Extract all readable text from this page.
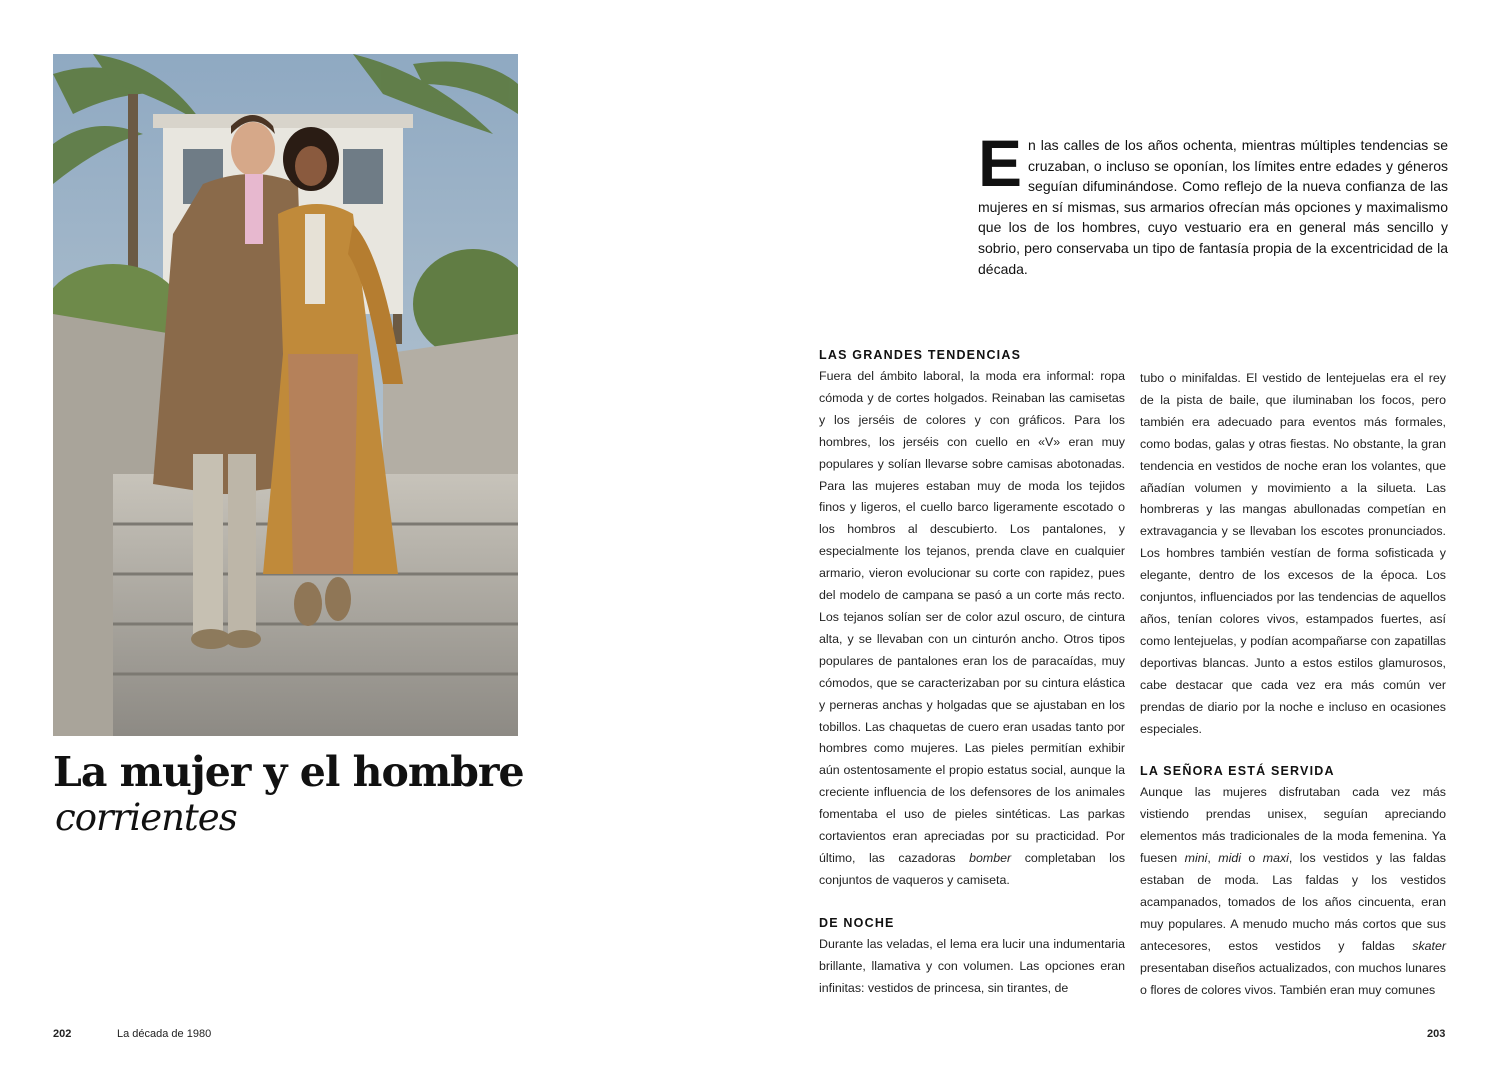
La mujer y el hombre
corrientes
202	La década de 1980
E n las calles de los años ochenta, mientras múltiples tendencias se cruzaban, o incluso se oponían, los límites entre edades y géneros seguían difuminándose. Como reflejo de la nueva confianza de las mujeres en sí mismas, sus armarios ofrecían más opciones y maximalismo que los de los hombres, cuyo vestuario era en general más sencillo y sobrio, pero conservaba un tipo de fantasía propia de la excentricidad de la década.

LAS GRANDES TENDENCIAS

Fuera del ámbito laboral, la moda era informal: ropa cómoda y de cortes holgados. Reinaban las camisetas y los jerséis de colores y con gráficos. Para los hombres, los jerséis con cuello en «V» eran muy populares y solían llevarse sobre camisas abotonadas. Para las mujeres estaban muy de moda los tejidos finos y ligeros, el cuello barco ligeramente escotado o los hombros al descubierto. Los pantalones, y especialmente los tejanos, prenda clave en cualquier armario, vieron evolucionar su corte con rapidez, pues del modelo de campana se pasó a un corte más recto. Los tejanos solían ser de color azul oscuro, de cintura alta, y se llevaban con un cinturón ancho. Otros tipos populares de pantalones eran los de paracaídas, muy cómodos, que se caracterizaban por su cintura elástica y perneras anchas y holgadas que se ajustaban en los tobillos. Las chaquetas de cuero eran usadas tanto por hombres como mujeres. Las pieles permitían exhibir aún ostentosamente el propio estatus social, aunque la creciente influencia de los defensores de los animales fomentaba el uso de pieles sintéticas. Las parkas cortavientos eran apreciadas por su practicidad. Por último, las cazadoras bomber completaban los conjuntos de vaqueros y camiseta.

DE NOCHE

Durante las veladas, el lema era lucir una indumentaria brillante, llamativa y con volumen. Las opciones eran infinitas: vestidos de princesa, sin tirantes, de

tubo o minifaldas. El vestido de lentejuelas era el rey de la pista de baile, que iluminaban los focos, pero también era adecuado para eventos más formales, como bodas, galas y otras fiestas. No obstante, la gran tendencia en vestidos de noche eran los volantes, que añadían volumen y movimiento a la silueta. Las hombreras y las mangas abullonadas competían en extravagancia y se llevaban los escotes pronunciados. Los hombres también vestían de forma sofisticada y elegante, dentro de los excesos de la época. Los conjuntos, influenciados por las tendencias de aquellos años, tenían colores vivos, estampados fuertes, así como lentejuelas, y podían acompañarse con zapatillas deportivas blancas. Junto a estos estilos glamurosos, cabe destacar que cada vez era más común ver prendas de diario por la noche e incluso en ocasiones especiales.

LA SEÑORA ESTÁ SERVIDA

Aunque las mujeres disfrutaban cada vez más vistiendo prendas unisex, seguían apreciando elementos más tradicionales de la moda femenina. Ya fuesen mini, midi o maxi, los vestidos y las faldas estaban de moda. Las faldas y los vestidos acampanados, tomados de los años cincuenta, eran muy populares. A menudo mucho más cortos que sus antecesores, estos vestidos y faldas skater presentaban diseños actualizados, con muchos lunares o flores de colores vivos. También eran muy comunes

203
